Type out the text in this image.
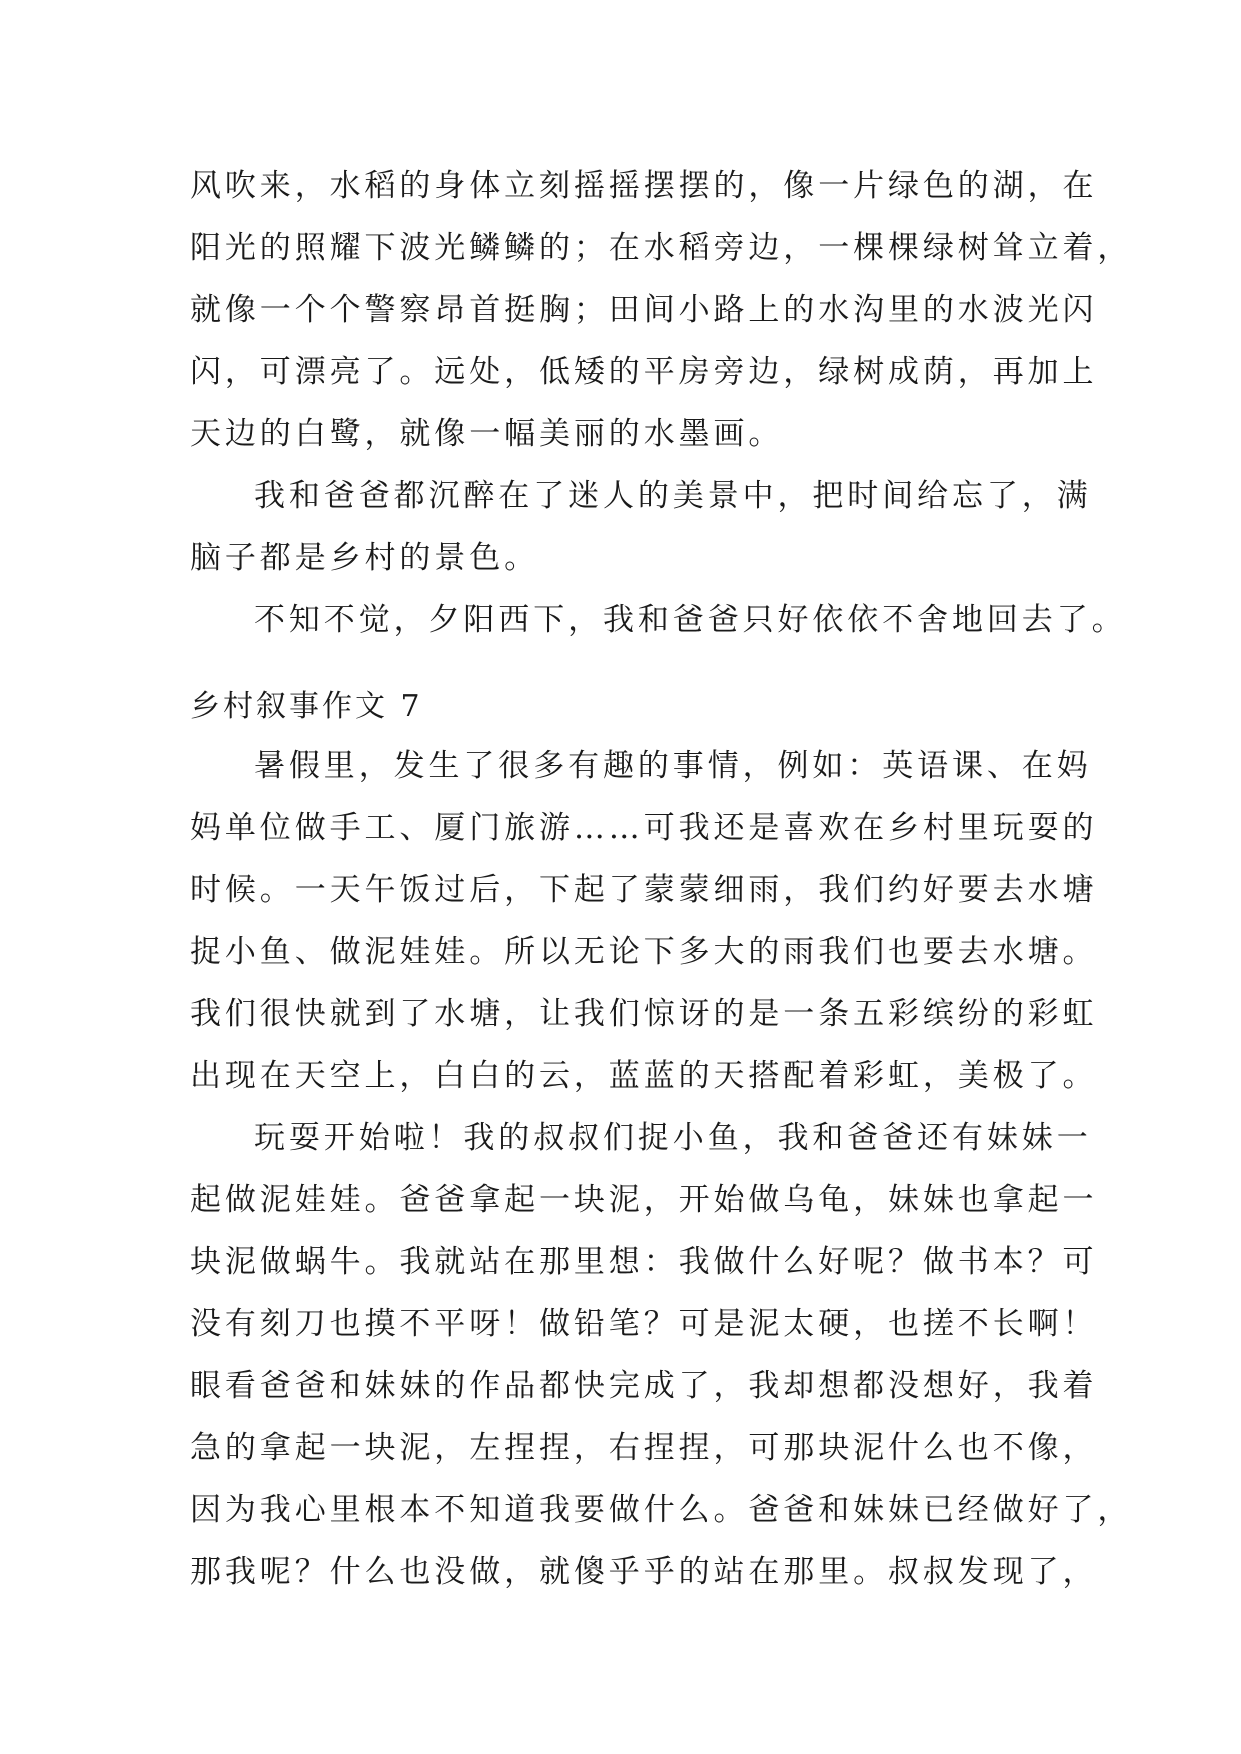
风吹来，水稻的身体立刻摇摇摆摆的，像一片绿色的湖，在
阳光的照耀下波光鳞鳞的；在水稻旁边，一棵棵绿树耸立着，
就像一个个警察昂首挺胸；田间小路上的水沟里的水波光闪
闪，可漂亮了。远处，低矮的平房旁边，绿树成荫，再加上
天边的白鹭，就像一幅美丽的水墨画。
我和爸爸都沉醉在了迷人的美景中，把时间给忘了，满
脑子都是乡村的景色。
不知不觉，夕阳西下，我和爸爸只好依依不舍地回去了。
乡村叙事作文 7
暑假里，发生了很多有趣的事情，例如：英语课、在妈
妈单位做手工、厦门旅游……可我还是喜欢在乡村里玩耍的
时候。一天午饭过后，下起了蒙蒙细雨，我们约好要去水塘
捉小鱼、做泥娃娃。所以无论下多大的雨我们也要去水塘。
我们很快就到了水塘，让我们惊讶的是一条五彩缤纷的彩虹
出现在天空上，白白的云，蓝蓝的天搭配着彩虹，美极了。
玩耍开始啦！我的叔叔们捉小鱼，我和爸爸还有妹妹一
起做泥娃娃。爸爸拿起一块泥，开始做乌龟，妹妹也拿起一
块泥做蜗牛。我就站在那里想：我做什么好呢？做书本？可
没有刻刀也摸不平呀！做铅笔？可是泥太硬，也搓不长啊！
眼看爸爸和妹妹的作品都快完成了，我却想都没想好，我着
急的拿起一块泥，左捏捏，右捏捏，可那块泥什么也不像，
因为我心里根本不知道我要做什么。爸爸和妹妹已经做好了，
那我呢？什么也没做，就傻乎乎的站在那里。叔叔发现了，
